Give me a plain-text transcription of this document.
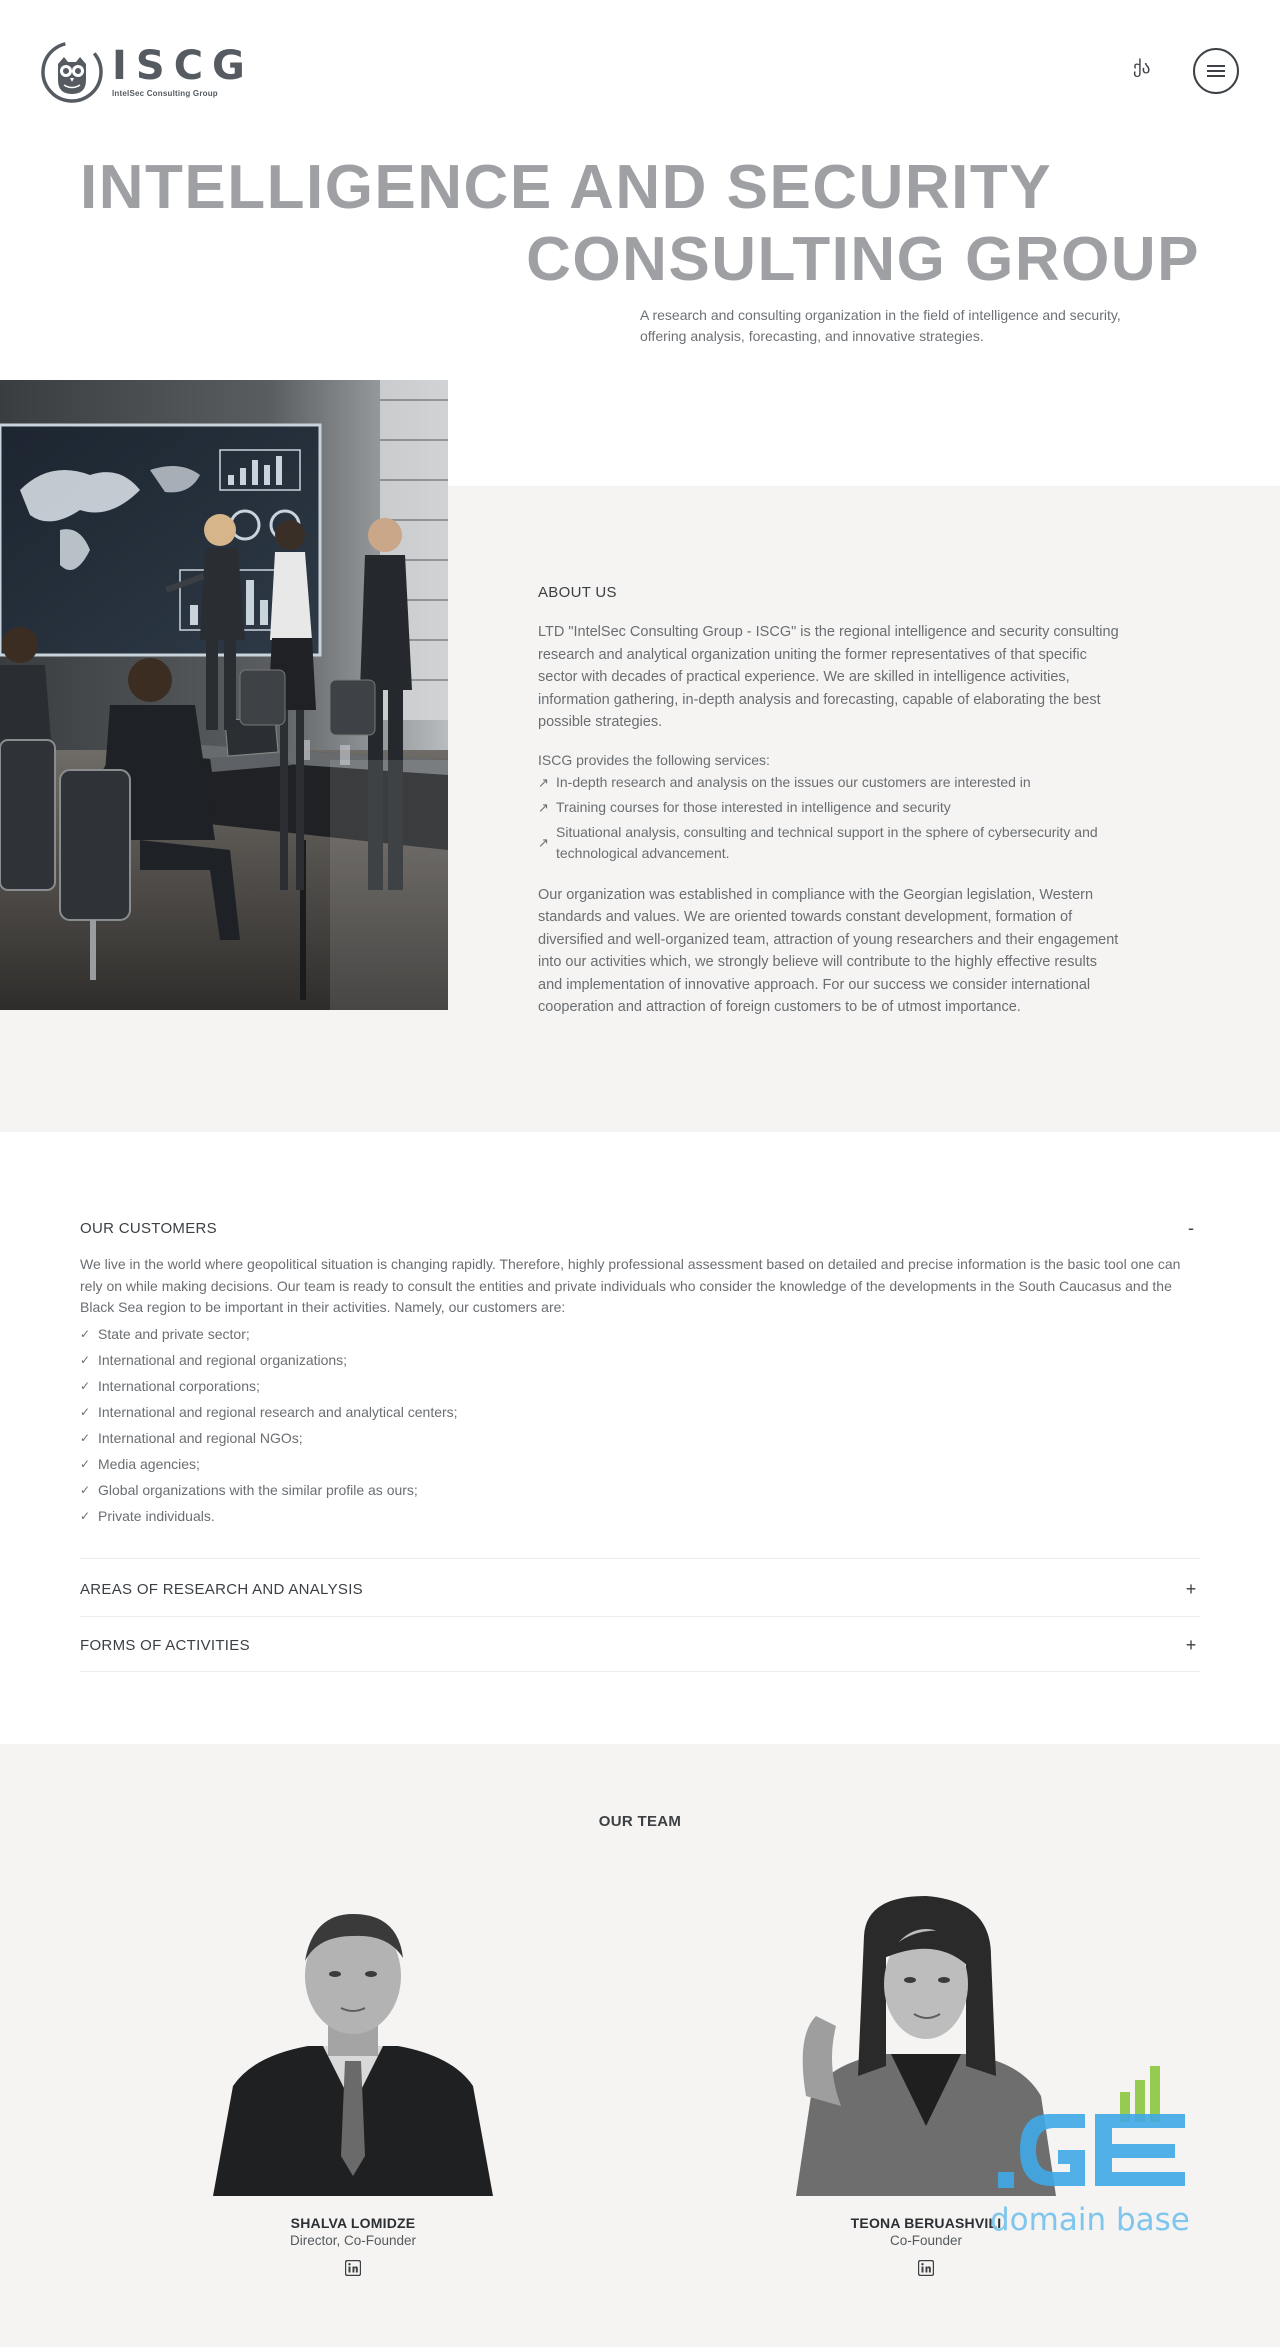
ISCG
IntelSec Consulting Group
ქა
INTELLIGENCE AND SECURITY
CONSULTING GROUP

A research and consulting organization in the field of intelligence and security,
offering analysis, forecasting, and innovative strategies.

ABOUT US

LTD "IntelSec Consulting Group - ISCG" is the regional intelligence and security consulting
research and analytical organization uniting the former representatives of that specific
sector with decades of practical experience. We are skilled in intelligence activities,
information gathering, in-depth analysis and forecasting, capable of elaborating the best
possible strategies.

ISCG provides the following services:

↗ In-depth research and analysis on the issues our customers are interested in
↗ Training courses for those interested in intelligence and security
↗
Situational analysis, consulting and technical support in the sphere of cybersecurity and technological advancement.

Our organization was established in compliance with the Georgian legislation, Western
standards and values. We are oriented towards constant development, formation of
diversified and well-organized team, attraction of young researchers and their engagement
into our activities which, we strongly believe will contribute to the highly effective results
and implementation of innovative approach. For our success we consider international
cooperation and attraction of foreign customers to be of utmost importance.

OUR CUSTOMERS	-

We live in the world where geopolitical situation is changing rapidly. Therefore, highly professional assessment based on detailed and precise information is the basic tool one can rely on while making decisions. Our team is ready to consult the entities and private individuals who consider the knowledge of the developments in the South Caucasus and the Black Sea region to be important in their activities. Namely, our customers are:

✓ State and private sector;
✓ International and regional organizations;
✓ International corporations;
✓ International and regional research and analytical centers;
✓ International and regional NGOs;
✓ Media agencies;
✓ Global organizations with the similar profile as ours;
✓ Private individuals.
AREAS OF RESEARCH AND ANALYSIS	+
FORMS OF ACTIVITIES	+
OUR TEAM
SHALVA LOMIDZE
Director, Co-Founder
TEONA BERUASHVILI
Co-Founder
domain base
